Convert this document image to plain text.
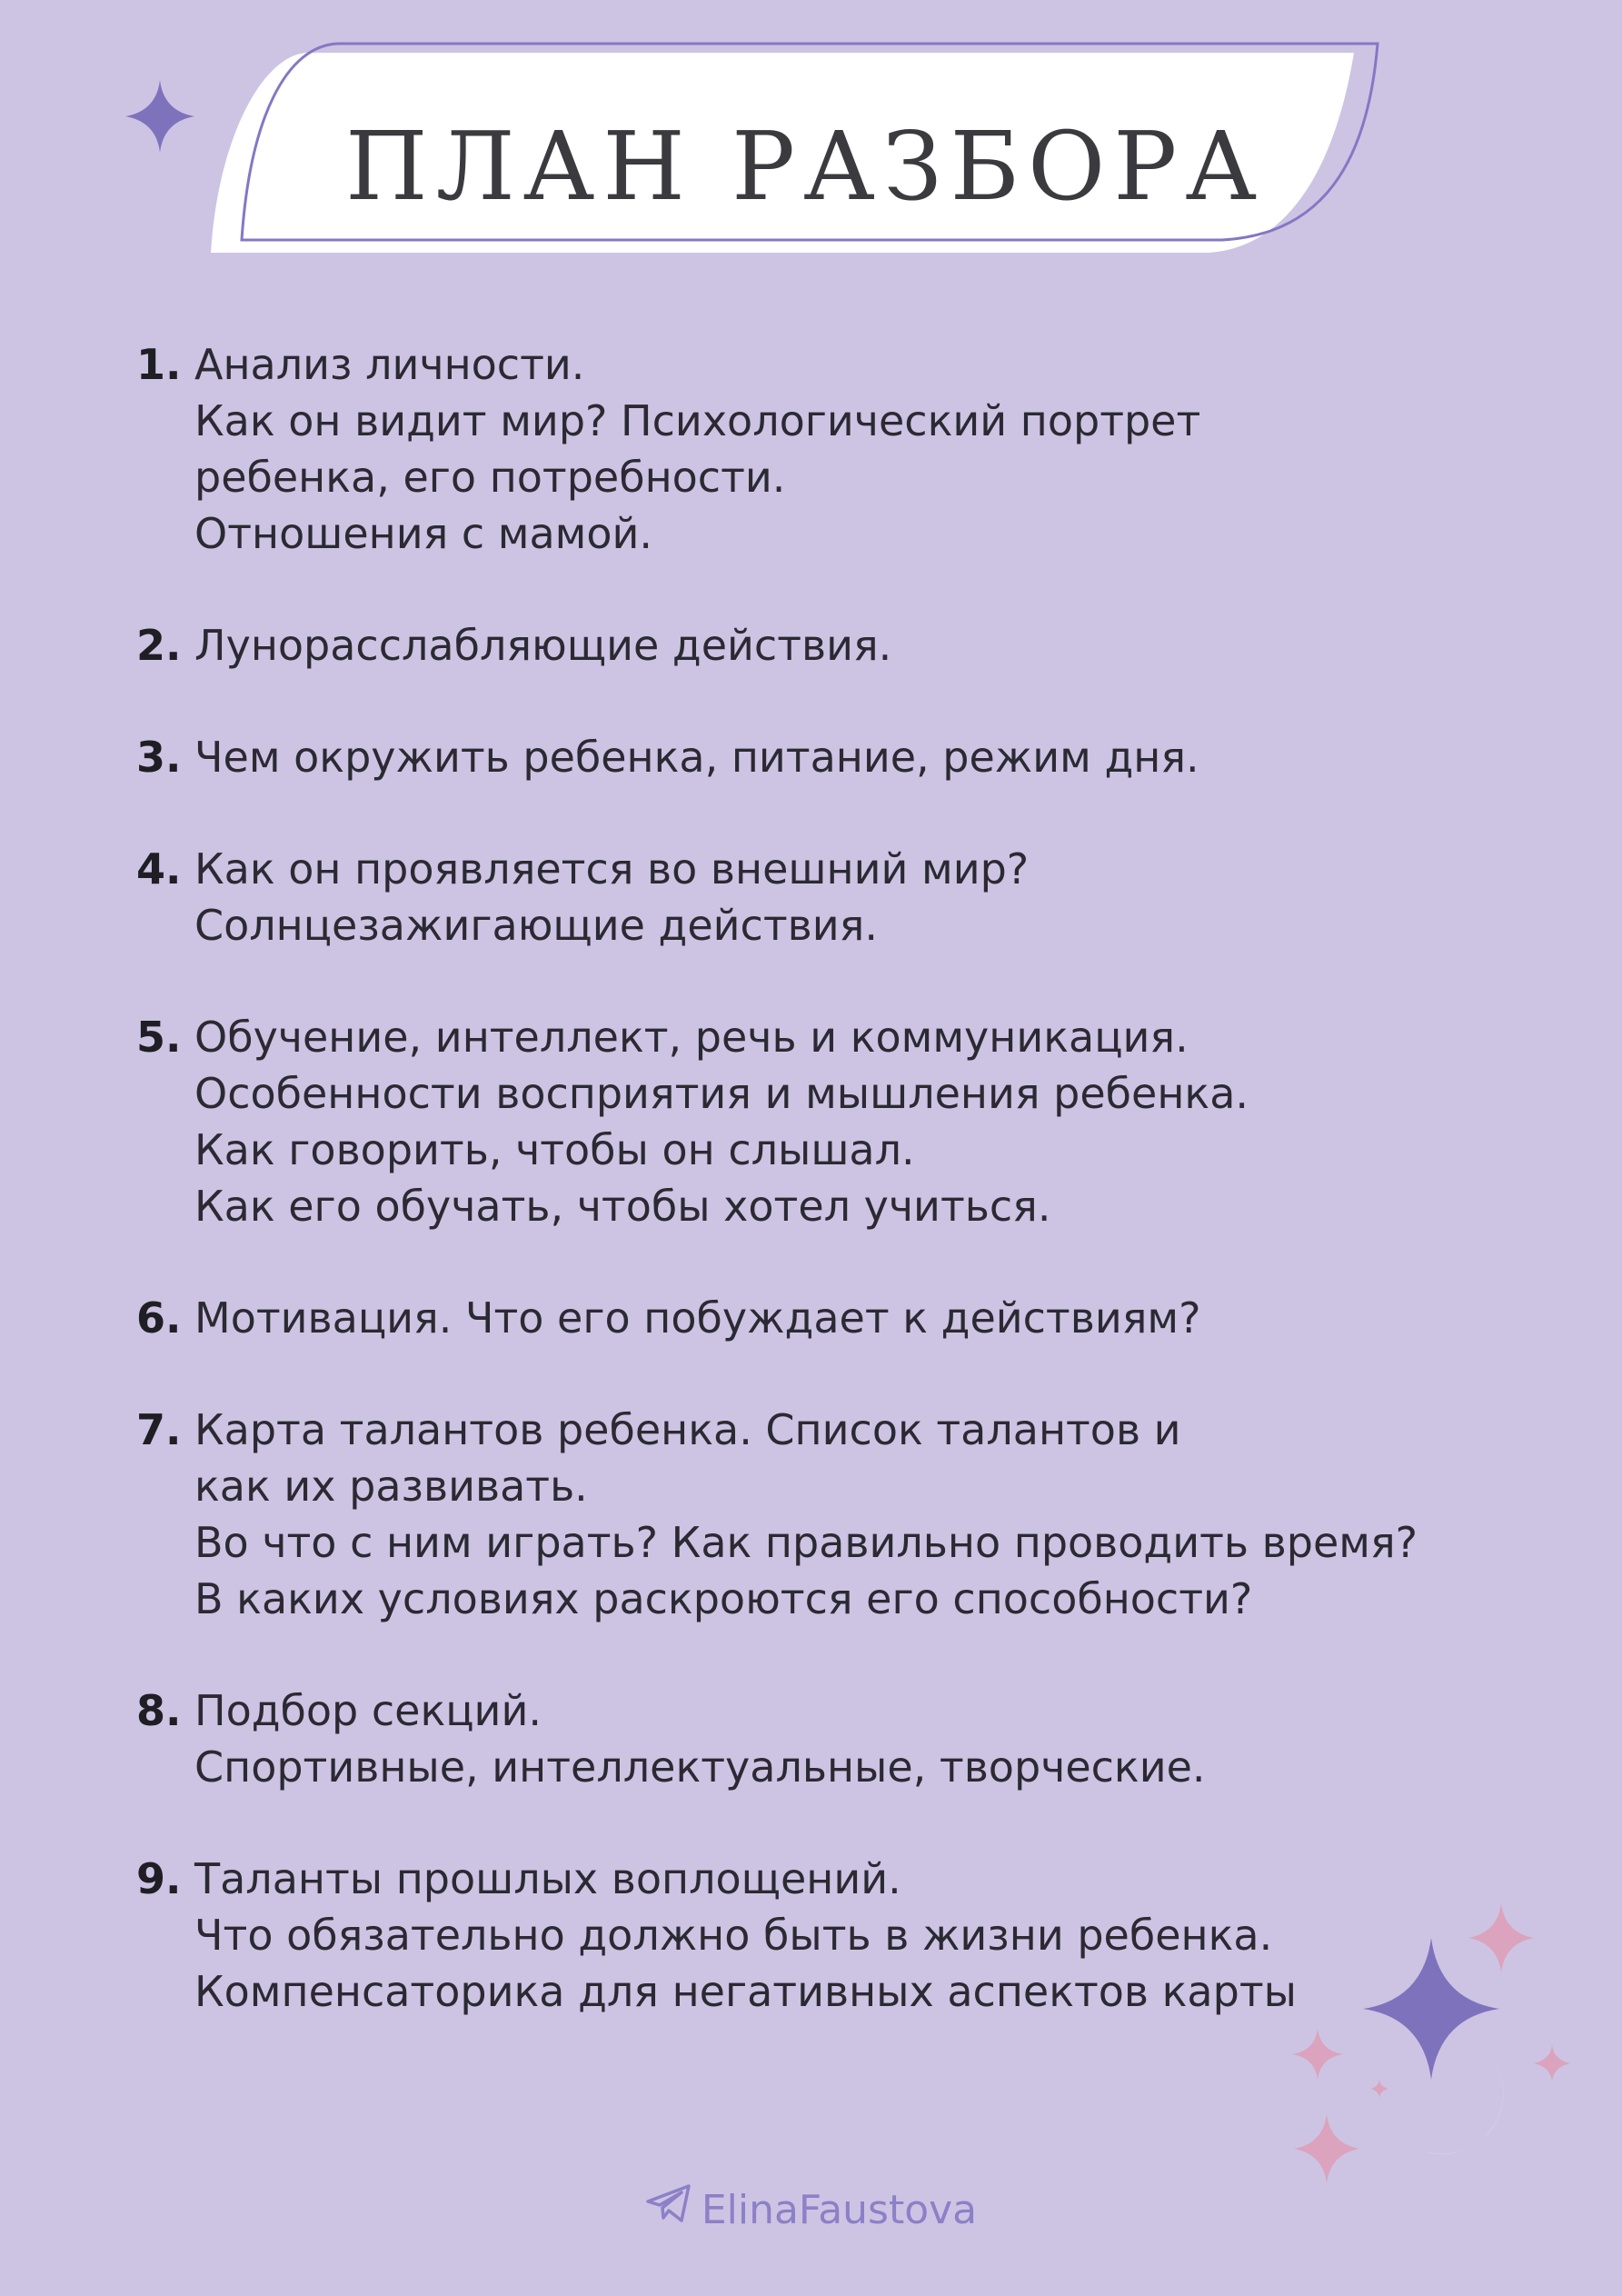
ПЛАН РАЗБОРА
1. Анализ личности.
Как он видит мир? Психологический портрет
ребенка, его потребности.
Отношения с мамой.
2. Лунорасслабляющие действия.
3. Чем окружить ребенка, питание, режим дня.
4. Как он проявляется во внешний мир?
Солнцезажигающие действия.
5. Обучение, интеллект, речь и коммуникация.
Особенности восприятия и мышления ребенка.
Как говорить, чтобы он слышал.
Как его обучать, чтобы хотел учиться.
6. Мотивация. Что его побуждает к действиям?
7. Карта талантов ребенка. Список талантов и
как их развивать.
Во что с ним играть? Как правильно проводить время?
В каких условиях раскроются его способности?
8. Подбор секций.
Спортивные, интеллектуальные, творческие.
9. Таланты прошлых воплощений.
Что обязательно должно быть в жизни ребенка.
Компенсаторика для негативных аспектов карты
ElinaFaustova
